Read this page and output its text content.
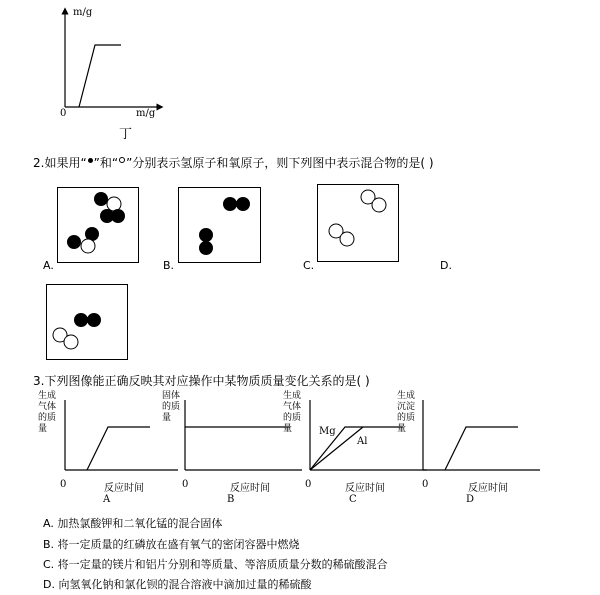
m/g
m/g
0
丁
2.如果用“ ”和“ ”分别表示氢原子和氧原子，则下列图中表示混合物的是( )
A.	B.	C.	D.
3.下列图像能正确反映其对应操作中某物质质量变化关系的是( )
生成
气体
的质
量
0	反应时间
A
固体
的质
量
0	反应时间
B
生成
气体
的质
量	Mg
Al
0	反应时间
C
生成
沉淀
的质
量
0	反应时间
D
A. 加热氯酸钾和二氧化锰的混合固体
B. 将一定质量的红磷放在盛有氧气的密闭容器中燃烧
C. 将一定量的镁片和铝片分别和等质量、等溶质质量分数的稀硫酸混合
D. 向氢氧化钠和氯化钡的混合溶液中滴加过量的稀硫酸
